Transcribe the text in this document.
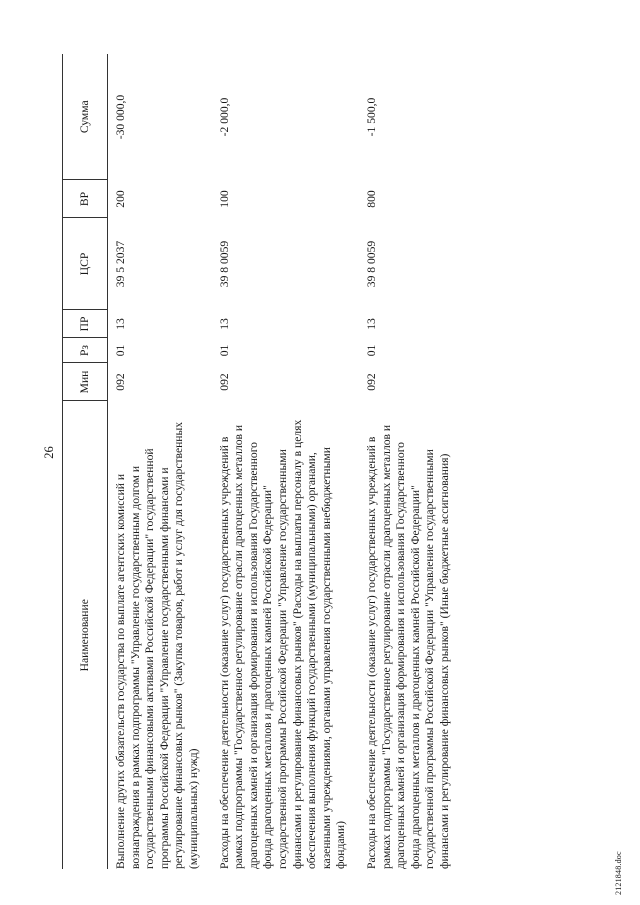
26
Наименование	Мин	Рз	ПР	ЦСР	ВР	Сумма
Выполнение других обязательств государства по выплате агентских комиссий и вознаграждения в рамках подпрограммы "Управление государственным долгом и государственными финансовыми активами Российской Федерации" государственной программы Российской Федерации "Управление государственными финансами и регулирование финансовых рынков" (Закупка товаров, работ и услуг для государственных (муниципальных) нужд)	092	01	13	39 5 2037	200	-30 000,0
Расходы на обеспечение деятельности (оказание услуг) государственных учреждений в рамках подпрограммы "Государственное регулирование отрасли драгоценных металлов и драгоценных камней и организация формирования и использования Государственного фонда драгоценных металлов и драгоценных камней Российской Федерации" государственной программы Российской Федерации "Управление государственными финансами и регулирование финансовых рынков" (Расходы на выплаты персоналу в целях обеспечения выполнения функций государственными (муниципальными) органами, казенными учреждениями, органами управления государственными внебюджетными фондами)	092	01	13	39 8 0059	100	-2 000,0
Расходы на обеспечение деятельности (оказание услуг) государственных учреждений в рамках подпрограммы "Государственное регулирование отрасли драгоценных металлов и драгоценных камней и организация формирования и использования Государственного фонда драгоценных металлов и драгоценных камней Российской Федерации" государственной программы Российской Федерации "Управление государственными финансами и регулирование финансовых рынков" (Иные бюджетные ассигнования)	092	01	13	39 8 0059	800	-1 500,0
2121848.doc
